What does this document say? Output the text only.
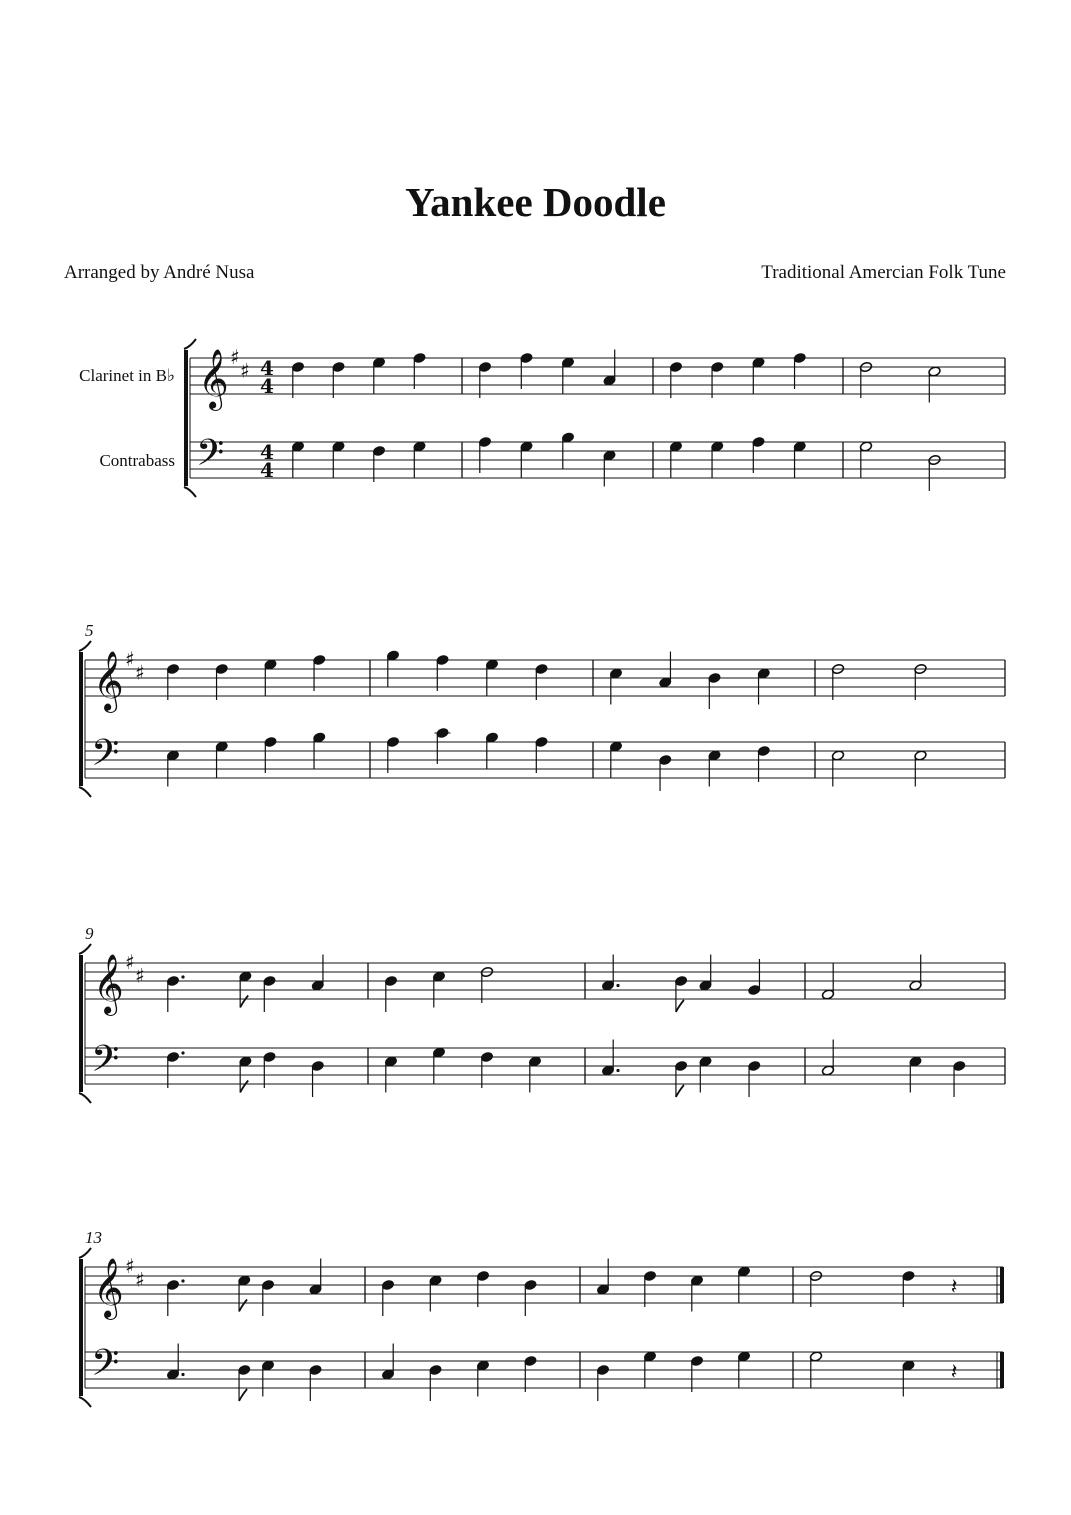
Yankee Doodle
Arranged by André Nusa	Traditional Amercian Folk Tune
Clarinet in B♭
Contrabass
5
9
13
𝄞
𝄢
♯
♯ 4
4
4
4
𝄞
𝄢
♯
♯
𝄞
𝄢
♯
♯
𝄞
𝄢
♯
♯	𝄽
𝄽
